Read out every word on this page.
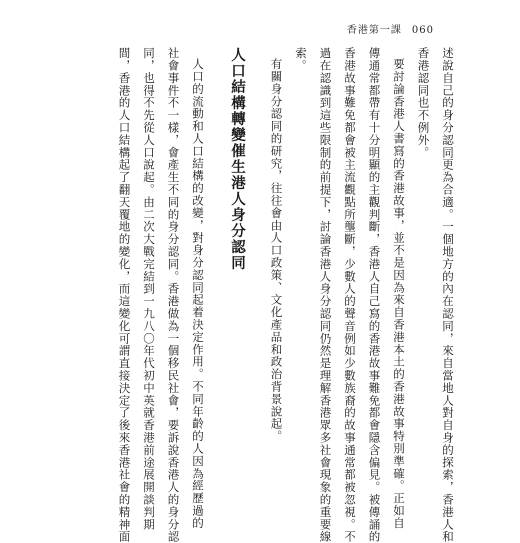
香港第一課 060

述說自己的身分認同更為合適。一個地方的內在認同，來自當地人對自身的探索，香港人和

香港認同也不例外。

要討論香港人書寫的香港故事，並不是因為來自香港本土的香港故事特別準確。正如自

傳通常都帶有十分明顯的主觀判斷，香港人自己寫的香港故事難免都會隱含偏見。被傳誦的

香港故事難免都會被主流觀點所壟斷，少數人的聲音例如少數族裔的故事通常都被忽視。不

過在認識到這些限制的前提下，討論香港人身分認同仍然是理解香港眾多社會現象的重要線

索。

有關身分認同的研究，往往會由人口政策、文化產品和政治背景說起。

人口結構轉變催生港人身分認同

人口的流動和人口結構的改變，對身分認同起着決定作用。不同年齡的人因為經歷過的

社會事件不一樣，會產生不同的身分認同。香港做為一個移民社會，要訴說香港人的身分認

同，也得不先從人口說起。由二次大戰完結到一九八〇年代初中英就香港前途展開談判期

間，香港的人口結構起了翻天覆地的變化，而這變化可謂直接決定了後來香港社會的精神面
